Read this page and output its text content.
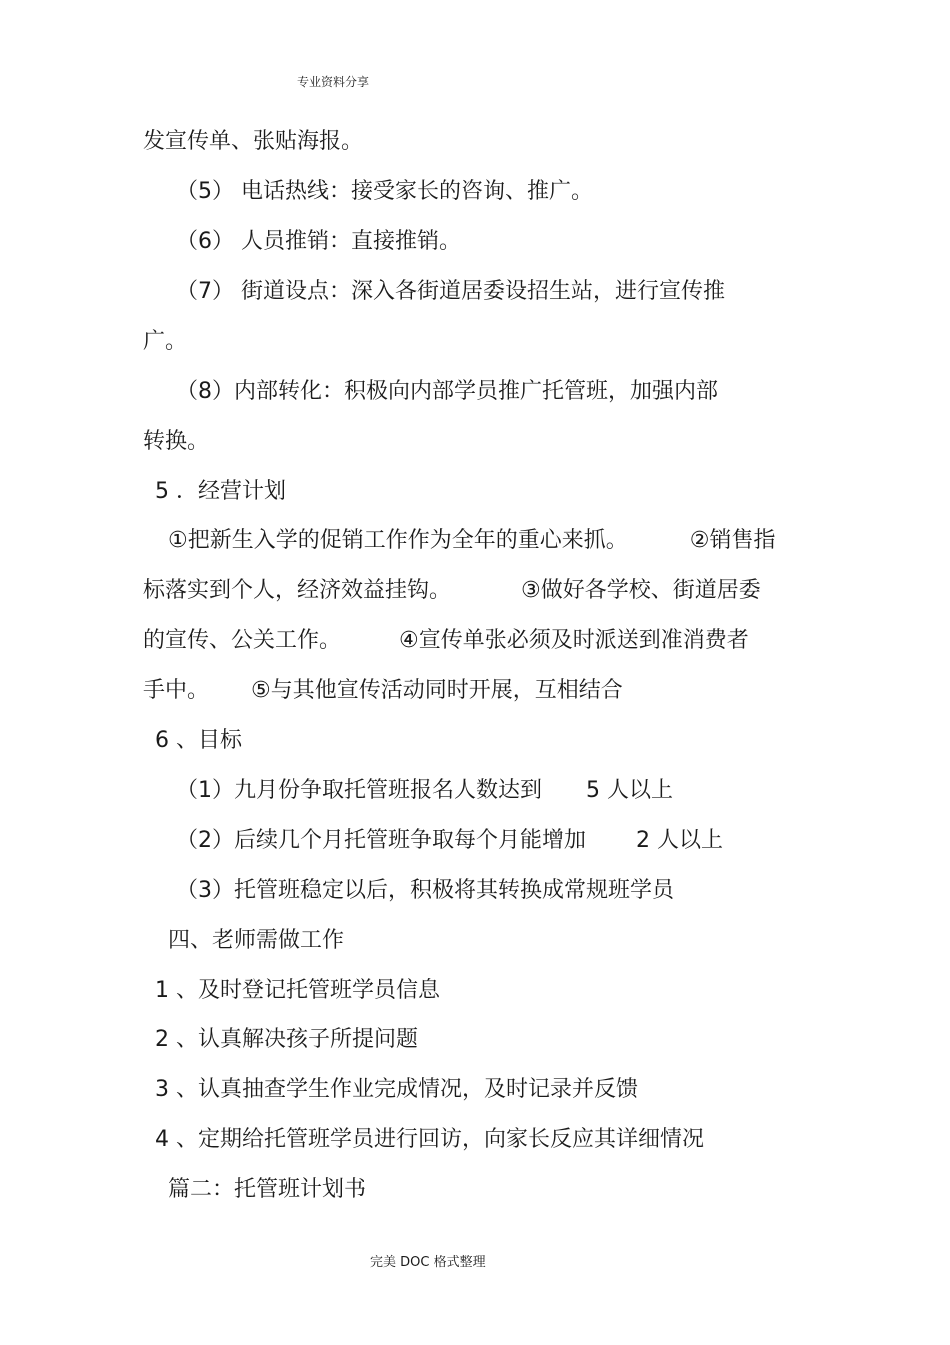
专业资料分享
发宣传单、张贴海报。
（5） 电话热线：接受家长的咨询、推广。
（6） 人员推销：直接推销。
（7） 街道设点：深入各街道居委设招生站，进行宣传推
广。
（8）内部转化：积极向内部学员推广托管班，加强内部
转换。
5 ．经营计划
①把新生入学的促销工作作为全年的重心来抓。	②销售指
标落实到个人，经济效益挂钩。	③做好各学校、街道居委
的宣传、公关工作。	④宣传单张必须及时派送到准消费者
手中。 ⑤与其他宣传活动同时开展，互相结合
6 、目标
（1）九月份争取托管班报名人数达到 5 人以上
（2）后续几个月托管班争取每个月能增加 2 人以上
（3）托管班稳定以后，积极将其转换成常规班学员
四、老师需做工作
1 、及时登记托管班学员信息
2 、认真解决孩子所提问题
3 、认真抽查学生作业完成情况，及时记录并反馈
4 、定期给托管班学员进行回访，向家长反应其详细情况
篇二：托管班计划书
完美 DOC 格式整理
